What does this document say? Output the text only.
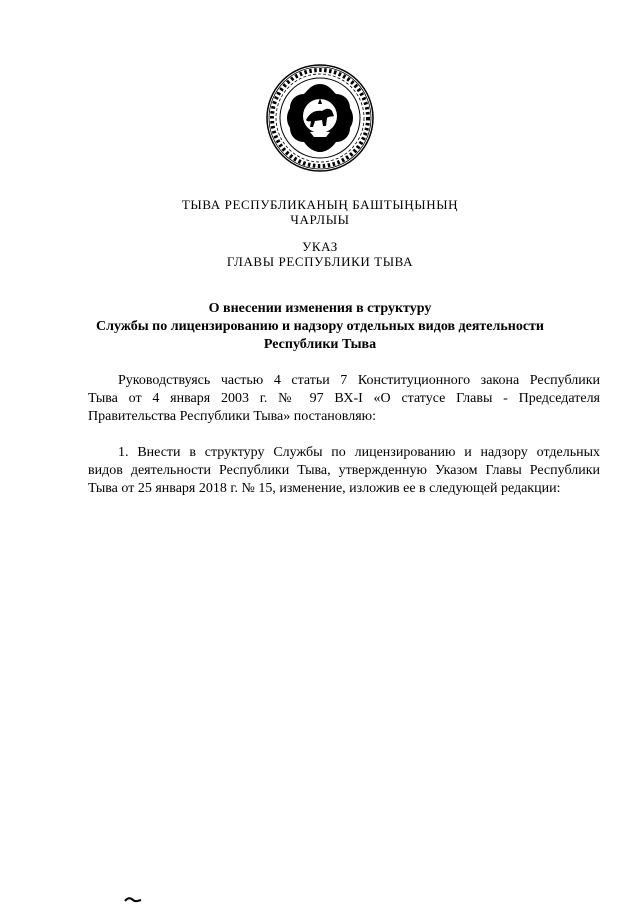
ТЫВА РЕСПУБЛИКАНЫҢ БАШТЫҢЫНЫҢ
ЧАРЛЫЫ
УКАЗ
ГЛАВЫ РЕСПУБЛИКИ ТЫВА
О внесении изменения в структуру
Службы по лицензированию и надзору отдельных видов деятельности
Республики Тыва
Руководствуясь частью 4 статьи 7 Конституционного закона Республики
Тыва от 4 января 2003 г. № 97 ВХ-I «О статусе Главы - Председателя
Правительства Республики Тыва» постановляю:
1. Внести в структуру Службы по лицензированию и надзору отдельных
видов деятельности Республики Тыва, утвержденную Указом Главы Республики
Тыва от 25 января 2018 г. № 15, изменение, изложив ее в следующей редакции:
